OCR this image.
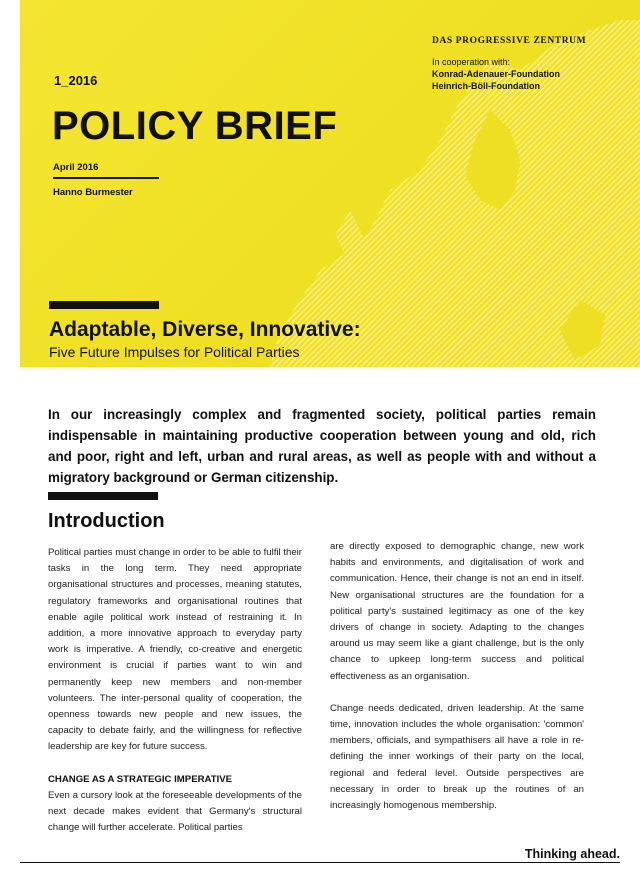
1_2016
POLICY BRIEF
April 2016
Hanno Burmester
DAS PROGRESSIVE ZENTRUM
In cooperation with:
Konrad-Adenauer-Foundation
Heinrich-Böll-Foundation
Adaptable, Diverse, Innovative:
Five Future Impulses for Political Parties
In our increasingly complex and fragmented society, political parties remain indispensable in maintaining productive cooperation between young and old, rich and poor, right and left, urban and rural areas, as well as people with and without a migratory background or German citizenship.
Introduction

Political parties must change in order to be able to fulfil their tasks in the long term. They need appropriate organisational structures and processes, meaning statutes, regulatory frameworks and organisational routines that enable agile political work instead of restraining it. In addition, a more innovative approach to everyday party work is imperative. A friendly, co-creative and energetic environment is crucial if parties want to win and permanently keep new members and non-member volunteers. The inter-personal quality of cooperation, the openness towards new people and new issues, the capacity to debate fairly, and the willingness for reflective leadership are key for future success.

CHANGE AS A STRATEGIC IMPERATIVE

Even a cursory look at the foreseeable developments of the next decade makes evident that Germany's structural change will further accelerate. Political parties

are directly exposed to demographic change, new work habits and environments, and digitalisation of work and communication. Hence, their change is not an end in itself. New organisational structures are the foundation for a political party's sustained legitimacy as one of the key drivers of change in society. Adapting to the changes around us may seem like a giant challenge, but is the only chance to upkeep long-term success and political effectiveness as an organisation.

Change needs dedicated, driven leadership. At the same time, innovation includes the whole organisation: 'common' members, officials, and sympathisers all have a role in re-defining the inner workings of their party on the local, regional and federal level. Outside perspectives are necessary in order to break up the routines of an increasingly homogenous membership.

Thinking ahead.
